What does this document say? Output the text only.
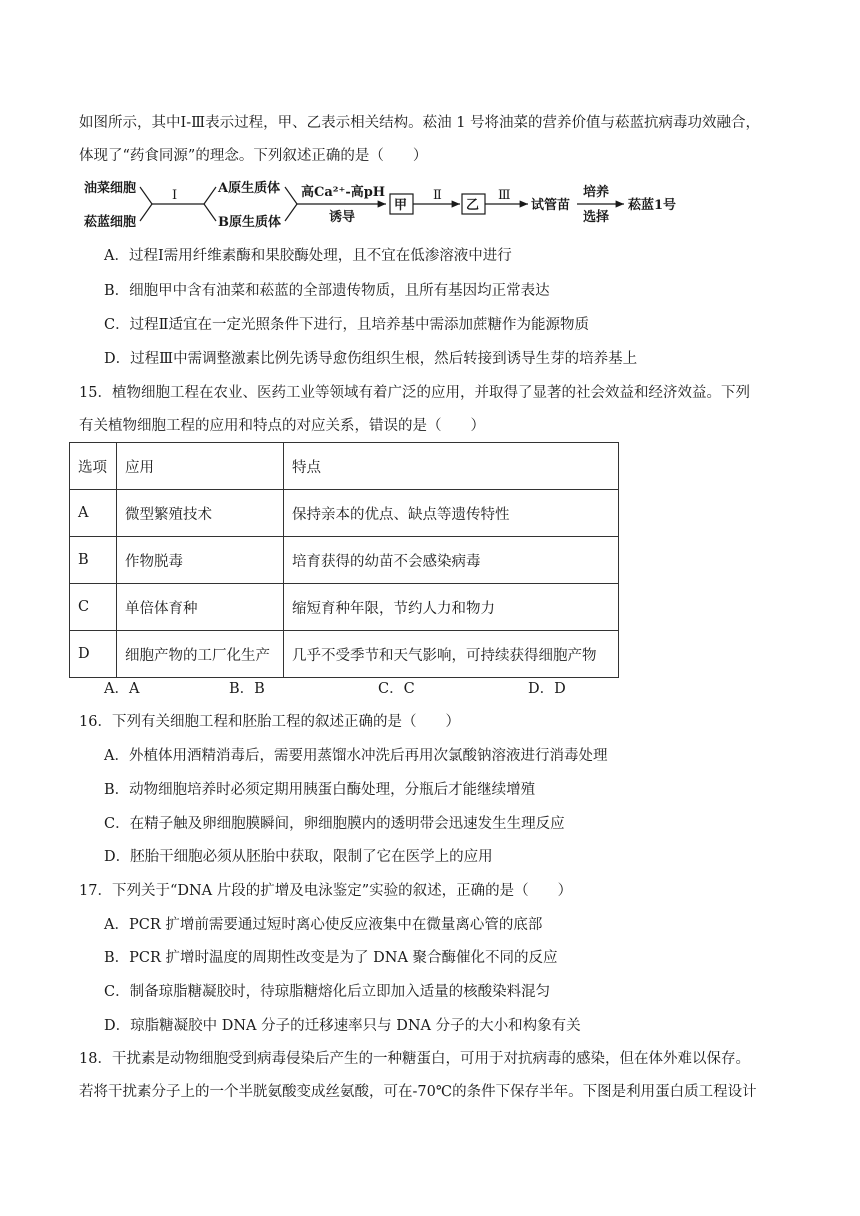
如图所示，其中Ⅰ-Ⅲ表示过程，甲、乙表示相关结构。菘油 1 号将油菜的营养价值与菘蓝抗病毒功效融合，
体现了“药食同源”的理念。下列叙述正确的是（　　）
油菜细胞
菘蓝细胞
Ⅰ	A原生质体
B原生质体
高Ca²⁺-高pH
诱导
甲
Ⅱ
乙
Ⅲ
试管苗
培养
选择
菘蓝1号
A．过程Ⅰ需用纤维素酶和果胶酶处理，且不宜在低渗溶液中进行
B．细胞甲中含有油菜和菘蓝的全部遗传物质，且所有基因均正常表达
C．过程Ⅱ适宜在一定光照条件下进行，且培养基中需添加蔗糖作为能源物质
D．过程Ⅲ中需调整激素比例先诱导愈伤组织生根，然后转接到诱导生芽的培养基上
15．植物细胞工程在农业、医药工业等领域有着广泛的应用，并取得了显著的社会效益和经济效益。下列
有关植物细胞工程的应用和特点的对应关系，错误的是（　　）
选项	应用	特点
A	微型繁殖技术	保持亲本的优点、缺点等遗传特性
B	作物脱毒	培育获得的幼苗不会感染病毒
C	单倍体育种	缩短育种年限，节约人力和物力
D	细胞产物的工厂化生产	几乎不受季节和天气影响，可持续获得细胞产物
A．A	B．B	C．C	D．D
16．下列有关细胞工程和胚胎工程的叙述正确的是（　　）
A．外植体用酒精消毒后，需要用蒸馏水冲洗后再用次氯酸钠溶液进行消毒处理
B．动物细胞培养时必须定期用胰蛋白酶处理，分瓶后才能继续增殖
C．在精子触及卵细胞膜瞬间，卵细胞膜内的透明带会迅速发生生理反应
D．胚胎干细胞必须从胚胎中获取，限制了它在医学上的应用
17．下列关于“DNA 片段的扩增及电泳鉴定”实验的叙述，正确的是（　　）
A．PCR 扩增前需要通过短时离心使反应液集中在微量离心管的底部
B．PCR 扩增时温度的周期性改变是为了 DNA 聚合酶催化不同的反应
C．制备琼脂糖凝胶时，待琼脂糖熔化后立即加入适量的核酸染料混匀
D．琼脂糖凝胶中 DNA 分子的迁移速率只与 DNA 分子的大小和构象有关
18．干扰素是动物细胞受到病毒侵染后产生的一种糖蛋白，可用于对抗病毒的感染，但在体外难以保存。
若将干扰素分子上的一个半胱氨酸变成丝氨酸，可在-70℃的条件下保存半年。下图是利用蛋白质工程设计
